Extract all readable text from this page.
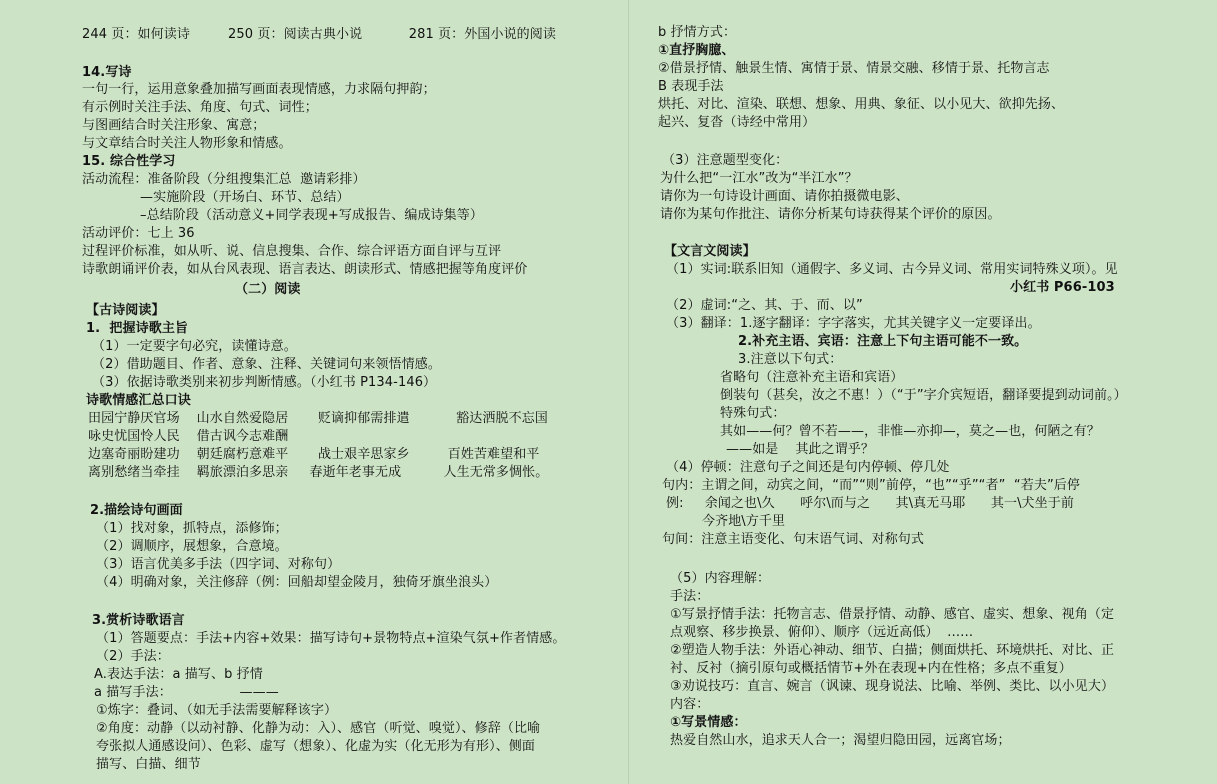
244 页：如何读诗         250 页：阅读古典小说           281 页：外国小说的阅读
14.写诗
一句一行，运用意象叠加描写画面表现情感，力求隔句押韵；
有示例时关注手法、角度、句式、词性；
与图画结合时关注形象、寓意；
与文章结合时关注人物形象和情感。
15. 综合性学习
活动流程：准备阶段（分组搜集汇总  邀请彩排）
—实施阶段（开场白、环节、总结）
–总结阶段（活动意义+同学表现+写成报告、编成诗集等）
活动评价：七上 36
过程评价标准，如从听、说、信息搜集、合作、综合评语方面自评与互评
诗歌朗诵评价表，如从台风表现、语言表达、朗读形式、情感把握等角度评价
（二）阅读
【古诗阅读】
1.  把握诗歌主旨
（1）一定要字句必究，读懂诗意。
（2）借助题目、作者、意象、注释、关键词句来领悟情感。
（3）依据诗歌类别来初步判断情感。（小红书 P134-146）
诗歌情感汇总口诀
田园宁静厌官场    山水自然爱隐居       贬谪抑郁需排遣           豁达洒脱不忘国
咏史忧国怜人民    借古讽今志难酬
边塞奇丽盼建功    朝廷腐朽意难平       战士艰辛思家乡         百姓苦难望和平
离别愁绪当牵挂    羁旅漂泊多思亲     春逝年老事无成          人生无常多惆怅。
2.描绘诗句画面
（1）找对象，抓特点，添修饰；
（2）调顺序，展想象，合意境。
（3）语言优美多手法（四字词、对称句）
（4）明确对象，关注修辞（例：回船却望金陵月，独倚牙旗坐浪头）
3.赏析诗歌语言
（1）答题要点：手法+内容+效果：描写诗句+景物特点+渲染气氛+作者情感。
（2）手法：
A.表达手法：a 描写、b 抒情
a 描写手法：                ———
①炼字：叠词、（如无手法需要解释该字）
②角度：动静（以动衬静、化静为动：入）、感官（听觉、嗅觉）、修辞（比喻
夸张拟人通感设问）、色彩、虚写（想象）、化虚为实（化无形为有形）、侧面
描写、白描、细节
b 抒情方式：
①直抒胸臆、
②借景抒情、触景生情、寓情于景、情景交融、移情于景、托物言志
B 表现手法
烘托、对比、渲染、联想、想象、用典、象征、以小见大、欲抑先扬、
起兴、复沓（诗经中常用）
（3）注意题型变化：
为什么把“一江水”改为“半江水”？
请你为一句诗设计画面、请你拍摄微电影、
请你为某句作批注、请你分析某句诗获得某个评价的原因。
【文言文阅读】
（1）实词:联系旧知（通假字、多义词、古今异义词、常用实词特殊义项）。见
小红书 P66-103
（2）虚词:“之、其、于、而、以”
（3）翻译：1.逐字翻译：字字落实，尤其关键字义一定要译出。
2.补充主语、宾语：注意上下句主语可能不一致。
3.注意以下句式：
省略句（注意补充主语和宾语）
倒装句（甚矣，汝之不惠！）（“于”字介宾短语，翻译要提到动词前。）
特殊句式：
其如——何？曾不若——，非惟—亦抑—，莫之—也，何陋之有？
——如是    其此之谓乎？
（4）停顿：注意句子之间还是句内停顿、停几处
句内：主谓之间，动宾之间，“而”“则”前停，“也”“乎”“者”  “若夫”后停
例:     余闻之也\久      呼尔\而与之      其\真无马耶      其一\犬坐于前
今齐地\方千里
句间：注意主语变化、句末语气词、对称句式
（5）内容理解：
手法：
①写景抒情手法：托物言志、借景抒情、动静、感官、虚实、想象、视角（定
点观察、移步换景、俯仰）、顺序（远近高低）  ……
②塑造人物手法：外语心神动、细节、白描；侧面烘托、环境烘托、对比、正
衬、反衬（摘引原句或概括情节+外在表现+内在性格；多点不重复）
③劝说技巧：直言、婉言（讽谏、现身说法、比喻、举例、类比、以小见大）
内容：
①写景情感：
热爱自然山水，追求天人合一；渴望归隐田园，远离官场；
